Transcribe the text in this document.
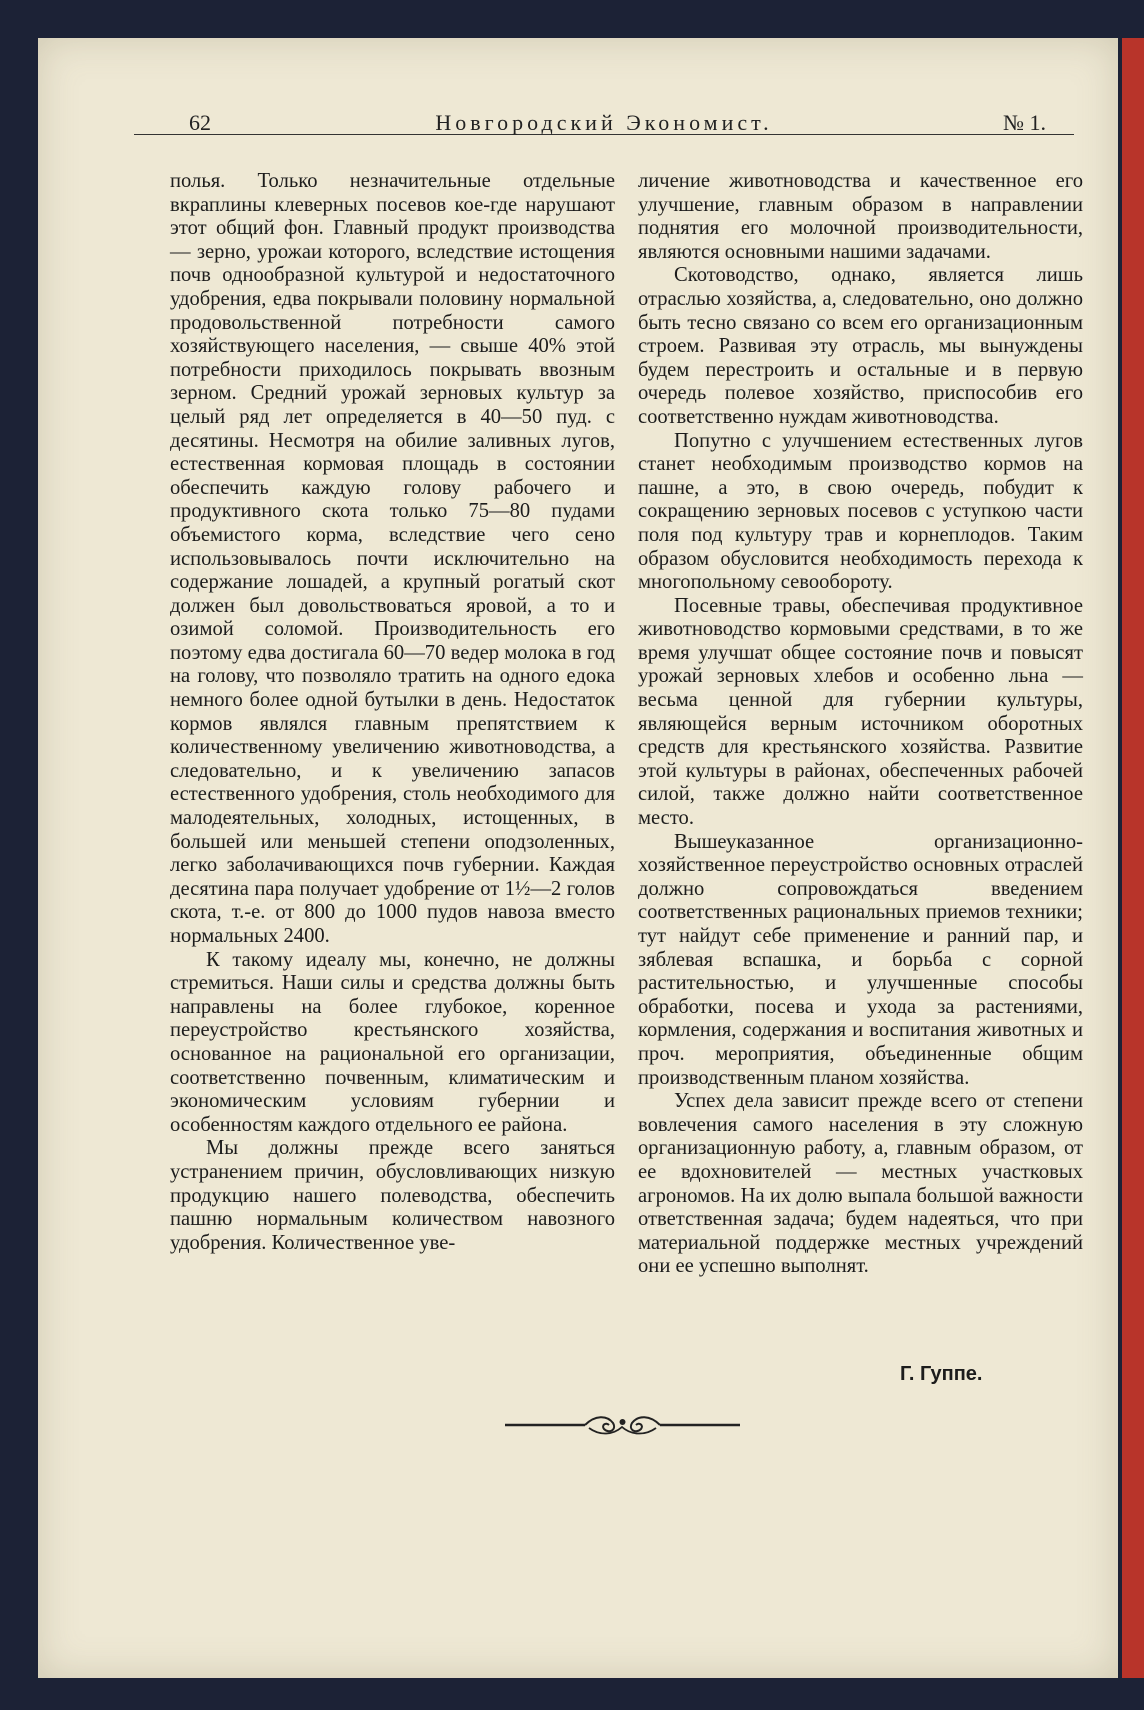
62	Новгородский Экономист.	№ 1.

полья. Только незначительные отдельные вкраплины клеверных посевов кое-где нарушают этот общий фон. Главный продукт производства — зерно, урожаи которого, вследствие истощения почв однообразной культурой и недостаточного удобрения, едва покрывали половину нормальной продовольственной потребности самого хозяйствующего населения, — свыше 40% этой потребности приходилось покрывать ввозным зерном. Средний урожай зерновых культур за целый ряд лет определяется в 40—50 пуд. с десятины. Несмотря на обилие заливных лугов, естественная кормовая площадь в состоянии обеспечить каждую голову рабочего и продуктивного скота только 75—80 пудами объемистого корма, вследствие чего сено использовывалось почти исключительно на содержание лошадей, а крупный рогатый скот должен был довольствоваться яровой, а то и озимой соломой. Производительность его поэтому едва достигала 60—70 ведер молока в год на голову, что позволяло тратить на одного едока немного более одной бутылки в день. Недостаток кормов являлся главным препятствием к количественному увеличению животноводства, а следовательно, и к увеличению запасов естественного удобрения, столь необходимого для малодеятельных, холодных, истощенных, в большей или меньшей степени оподзоленных, легко заболачивающихся почв губернии. Каждая десятина пара получает удобрение от 1½—2 голов скота, т.-е. от 800 до 1000 пудов навоза вместо нормальных 2400.

К такому идеалу мы, конечно, не должны стремиться. Наши силы и средства должны быть направлены на более глубокое, коренное переустройство крестьянского хозяйства, основанное на рациональной его организации, соответственно почвенным, климатическим и экономическим условиям губернии и особенностям каждого отдельного ее района.

Мы должны прежде всего заняться устранением причин, обусловливающих низкую продукцию нашего полеводства, обеспечить пашню нормальным количеством навозного удобрения. Количественное уве-

личение животноводства и качественное его улучшение, главным образом в направлении поднятия его молочной производительности, являются основными нашими задачами.

Скотоводство, однако, является лишь отраслью хозяйства, а, следовательно, оно должно быть тесно связано со всем его организационным строем. Развивая эту отрасль, мы вынуждены будем перестроить и остальные и в первую очередь полевое хозяйство, приспособив его соответственно нуждам животноводства.

Попутно с улучшением естественных лугов станет необходимым производство кормов на пашне, а это, в свою очередь, побудит к сокращению зерновых посевов с уступкою части поля под культуру трав и корнеплодов. Таким образом обусловится необходимость перехода к многопольному севообороту.

Посевные травы, обеспечивая продуктивное животноводство кормовыми средствами, в то же время улучшат общее состояние почв и повысят урожай зерновых хлебов и особенно льна — весьма ценной для губернии культуры, являющейся верным источником оборотных средств для крестьянского хозяйства. Развитие этой культуры в районах, обеспеченных рабочей силой, также должно найти соответственное место.

Вышеуказанное организационно-хозяйственное переустройство основных отраслей должно сопровождаться введением соответственных рациональных приемов техники; тут найдут себе применение и ранний пар, и зяблевая вспашка, и борьба с сорной растительностью, и улучшенные способы обработки, посева и ухода за растениями, кормления, содержания и воспитания животных и проч. мероприятия, объединенные общим производственным планом хозяйства.

Успех дела зависит прежде всего от степени вовлечения самого населения в эту сложную организационную работу, а, главным образом, от ее вдохновителей — местных участковых агрономов. На их долю выпала большой важности ответственная задача; будем надеяться, что при материальной поддержке местных учреждений они ее успешно выполнят.

Г. Гуппе.
